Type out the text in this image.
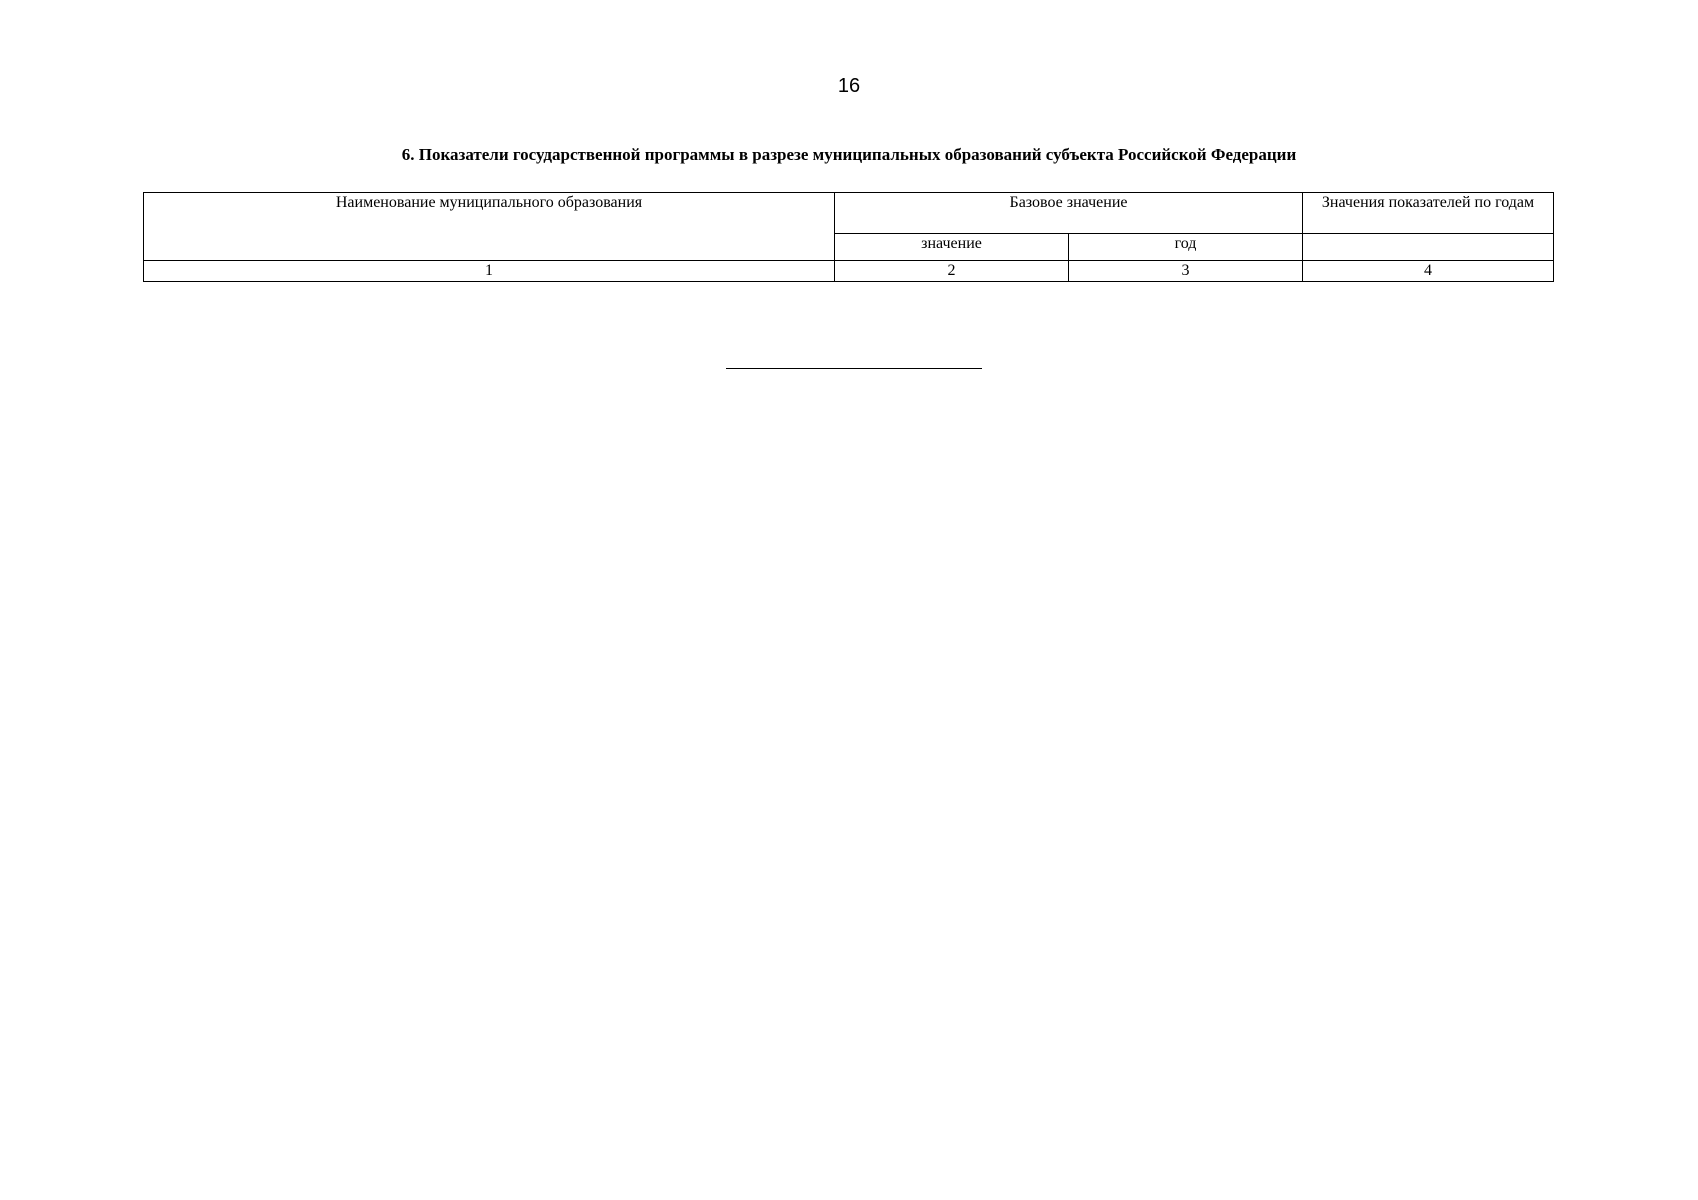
16
6. Показатели государственной программы в разрезе муниципальных образований субъекта Российской Федерации
Наименование муниципального образования	Базовое значение		Значения показателей по годам
	значение	год	
1	2	3	4
